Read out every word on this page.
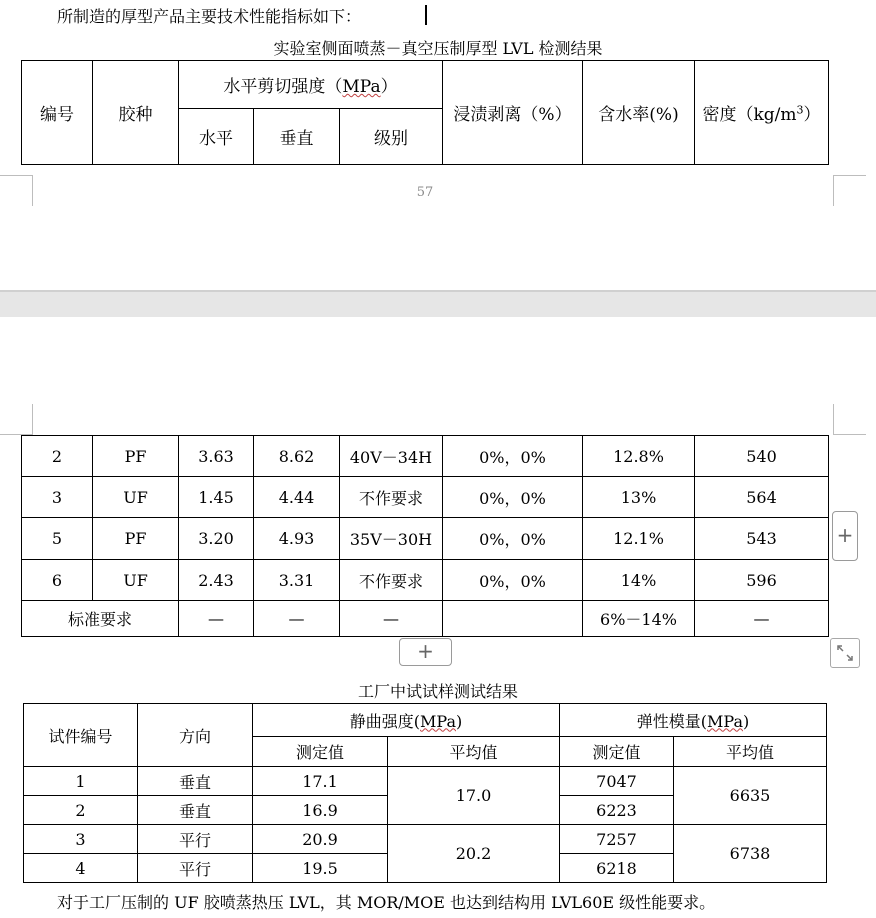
所制造的厚型产品主要技术性能指标如下：
实验室侧面喷蒸－真空压制厚型 LVL 检测结果
编号	胶种	水平剪切强度（MPa）			浸渍剥离（%）	含水率(%)	密度$(kg/m^3)$
		水平	垂直	级别			
57
2	PF	3.63	8.62	40V－34H	0%，0%	12.8%	540
3	UF	1.45	4.44	不作要求	0%，0%	13%	564
5	PF	3.20	4.93	35V－30H	0%，0%	12.1%	543
6	UF	2.43	3.31	不作要求	0%，0%	14%	596
标准要求		—	—	—		6%－14%	—
+
+
工厂中试试样测试结果
试件编号	方向	静曲强度(MPa)		弹性模量(MPa)	
		测定值	平均值	测定值	平均值
1	垂直	17.1	17.0	7047	6635
2	垂直	16.9		6223	
3	平行	20.9	20.2	7257	6738
4	平行	19.5		6218	
对于工厂压制的 UF 胶喷蒸热压 LVL，其 MOR/MOE 也达到结构用 LVL60E 级性能要求。
